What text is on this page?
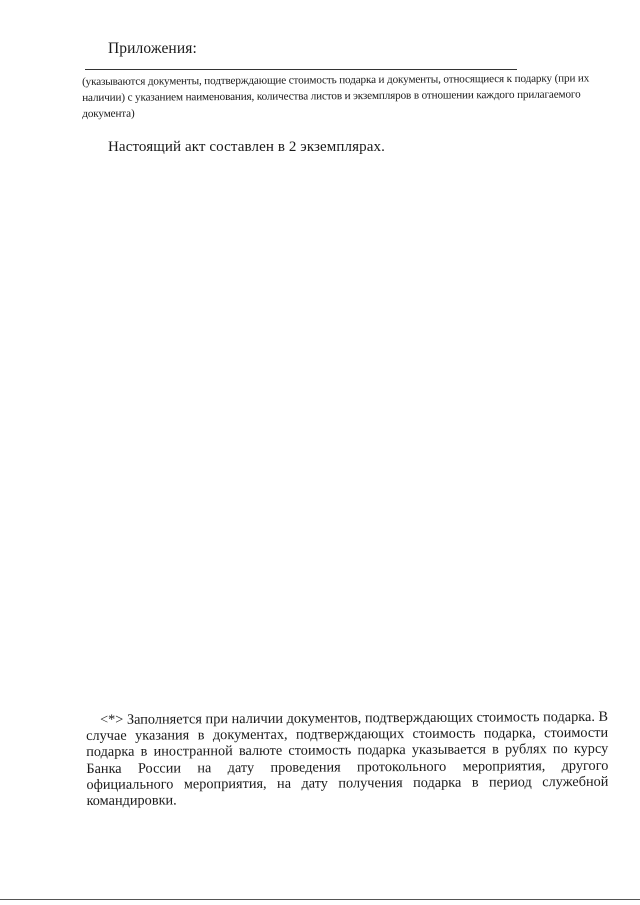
Приложения:
(указываются документы, подтверждающие стоимость подарка и документы, относящиеся к подарку (при их наличии) с указанием наименования, количества листов и экземпляров в отношении каждого прилагаемого документа)
Настоящий акт составлен в 2 экземплярах.
<*> Заполняется при наличии документов, подтверждающих стоимость подарка. В случае указания в документах, подтверждающих стоимость подарка, стоимости подарка в иностранной валюте стоимость подарка указывается в рублях по курсу Банка России на дату проведения протокольного мероприятия, другого официального мероприятия, на дату получения подарка в период служебной командировки.
